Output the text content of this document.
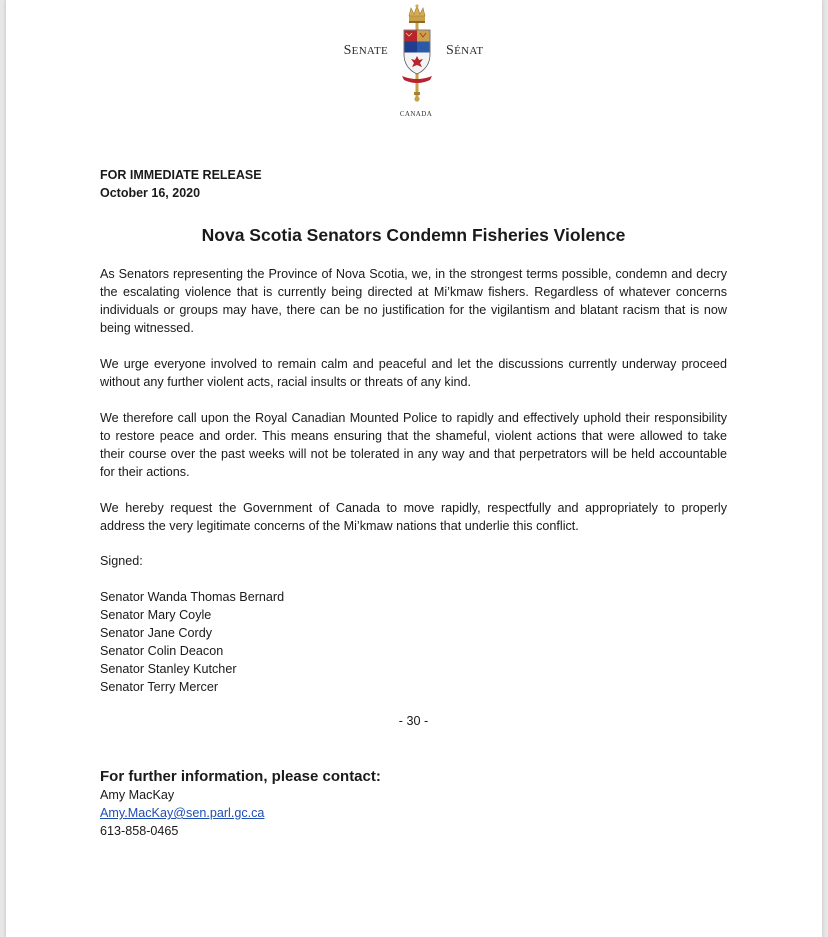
SENATE	SÉNAT
CANADA
FOR IMMEDIATE RELEASE
October 16, 2020
Nova Scotia Senators Condemn Fisheries Violence
As Senators representing the Province of Nova Scotia, we, in the strongest terms possible, condemn and decry the escalating violence that is currently being directed at Mi’kmaw fishers. Regardless of whatever concerns individuals or groups may have, there can be no justification for the vigilantism and blatant racism that is now being witnessed.
We urge everyone involved to remain calm and peaceful and let the discussions currently underway proceed without any further violent acts, racial insults or threats of any kind.
We therefore call upon the Royal Canadian Mounted Police to rapidly and effectively uphold their responsibility to restore peace and order. This means ensuring that the shameful, violent actions that were allowed to take their course over the past weeks will not be tolerated in any way and that perpetrators will be held accountable for their actions.
We hereby request the Government of Canada to move rapidly, respectfully and appropriately to properly address the very legitimate concerns of the Mi’kmaw nations that underlie this conflict.
Signed:
Senator Wanda Thomas Bernard
Senator Mary Coyle
Senator Jane Cordy
Senator Colin Deacon
Senator Stanley Kutcher
Senator Terry Mercer
- 30 -
For further information, please contact:
Amy MacKay
Amy.MacKay@sen.parl.gc.ca
613-858-0465
